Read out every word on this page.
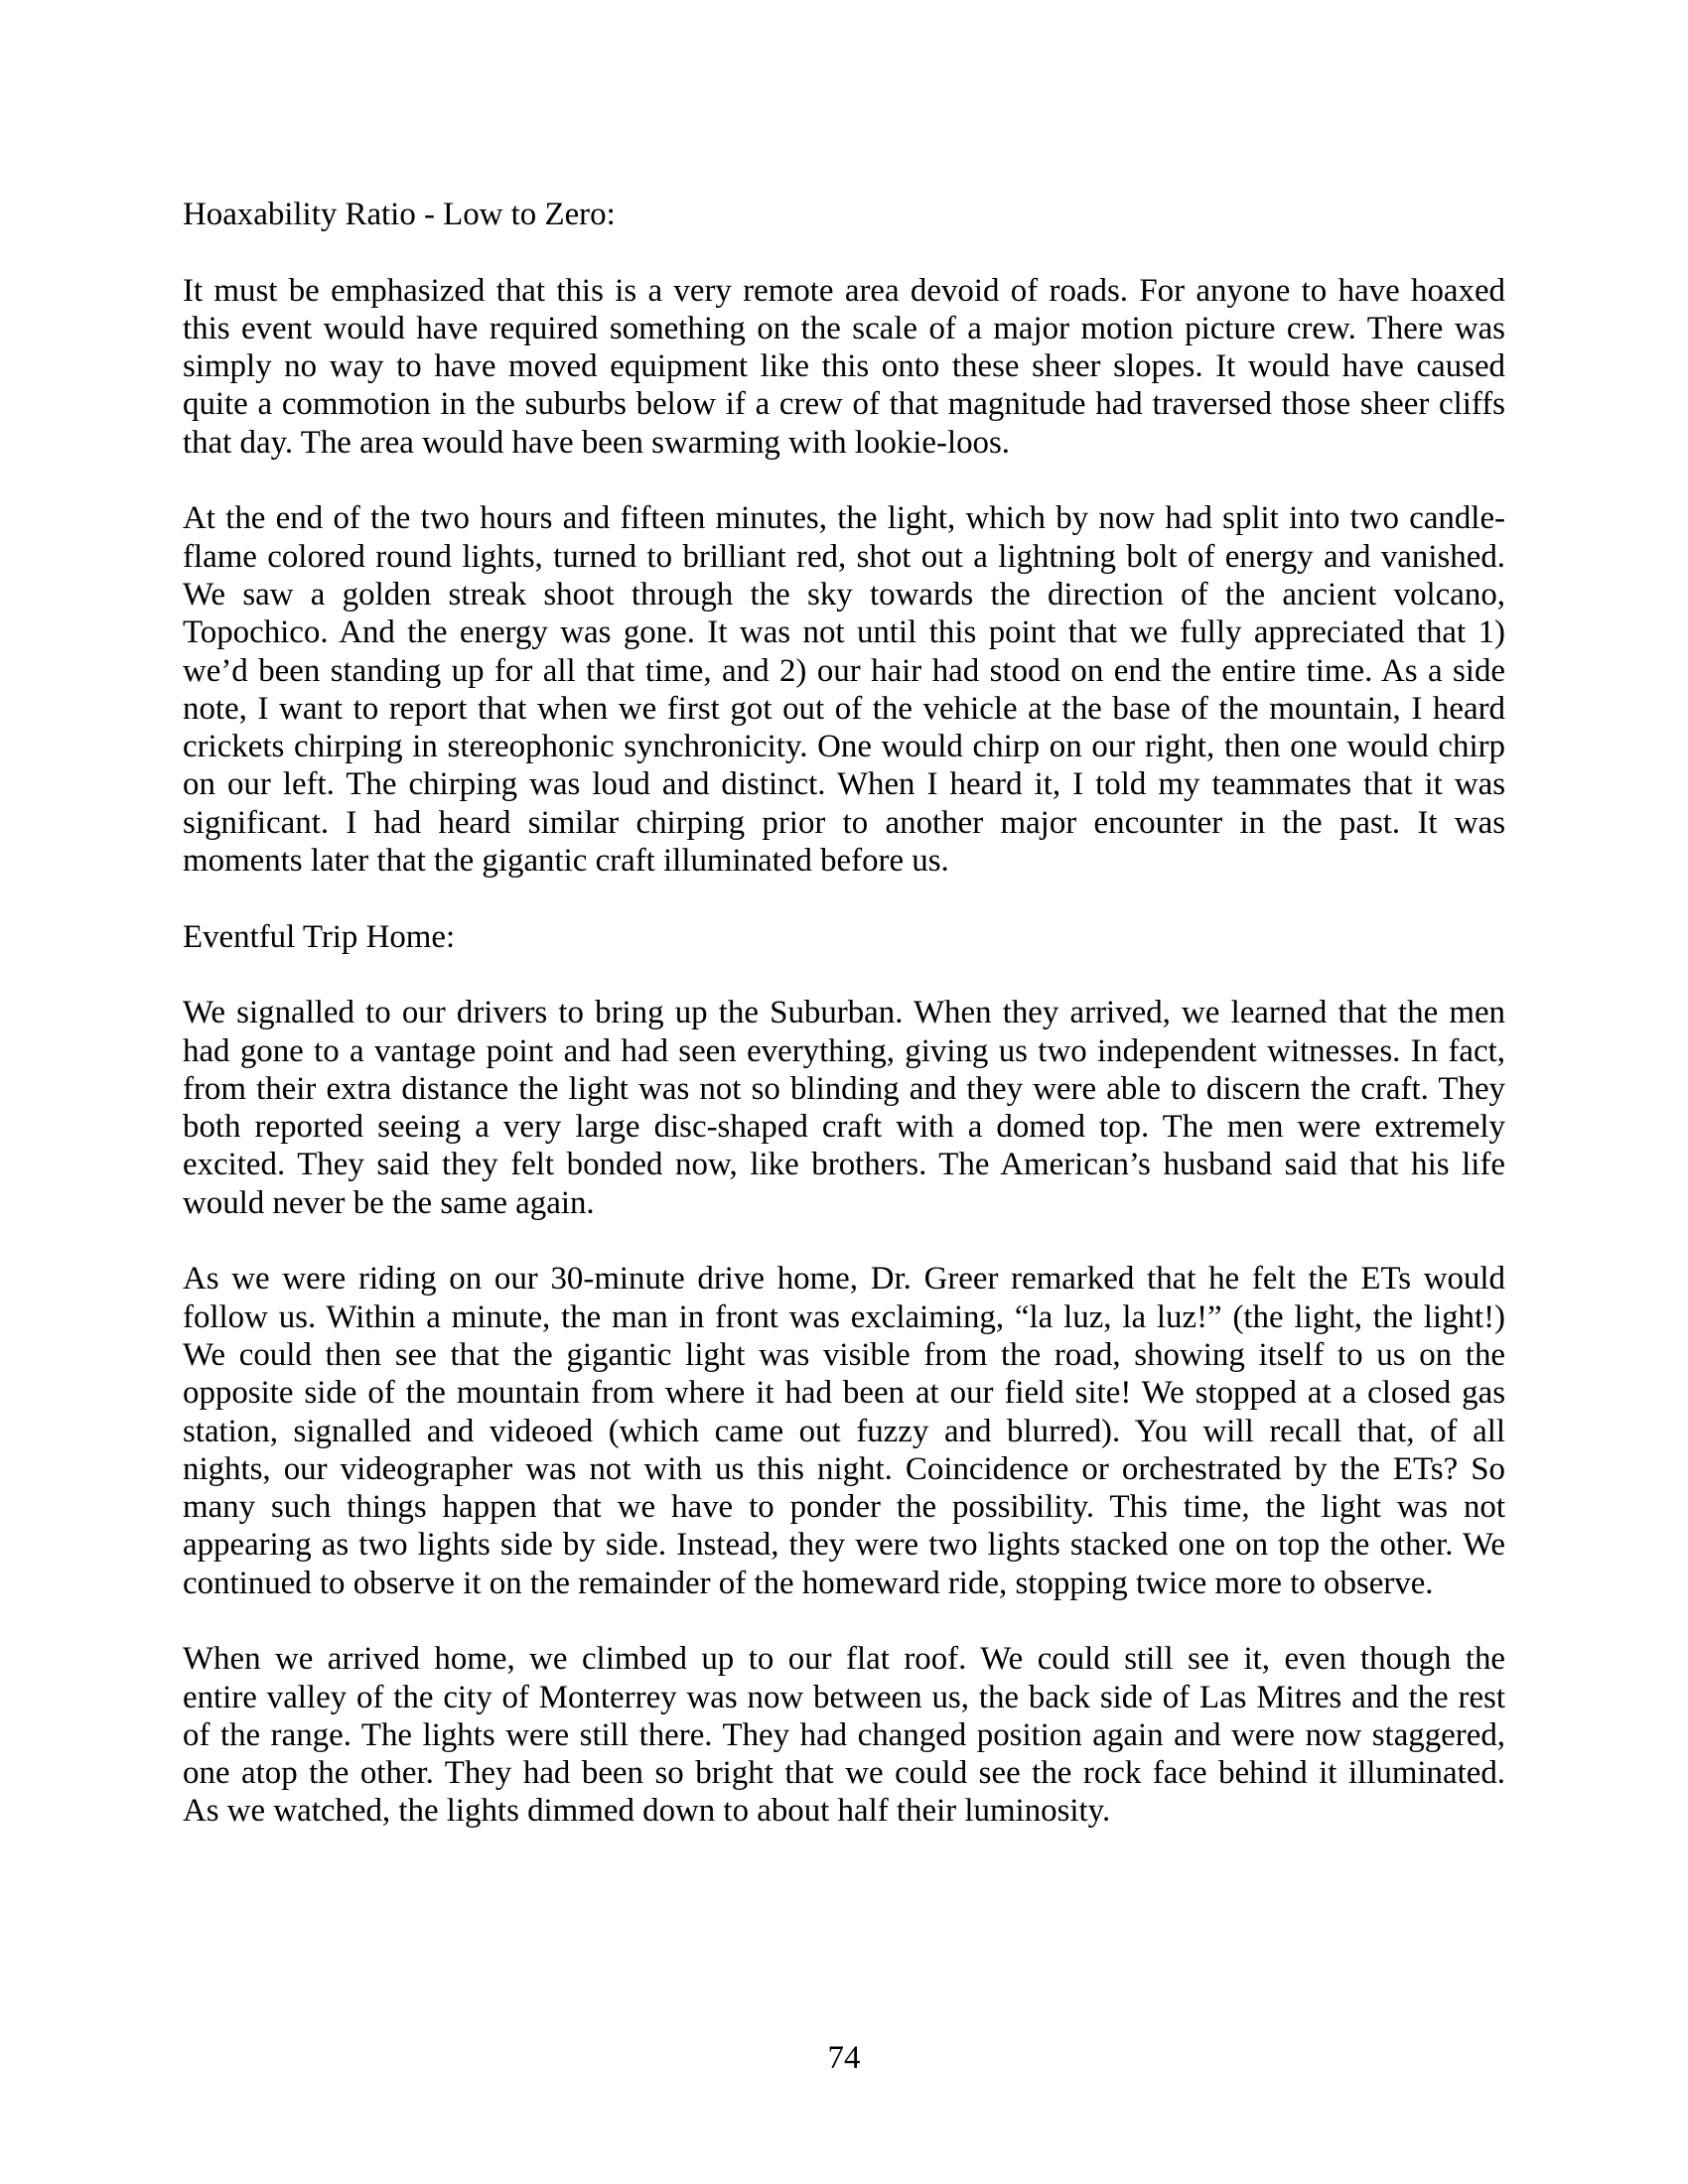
Hoaxability Ratio - Low to Zero:
It must be emphasized that this is a very remote area devoid of roads. For anyone to have hoaxed
this event would have required something on the scale of a major motion picture crew. There was
simply no way to have moved equipment like this onto these sheer slopes. It would have caused
quite a commotion in the suburbs below if a crew of that magnitude had traversed those sheer cliffs
that day. The area would have been swarming with lookie-loos.
At the end of the two hours and fifteen minutes, the light, which by now had split into two candle-
flame colored round lights, turned to brilliant red, shot out a lightning bolt of energy and vanished.
We saw a golden streak shoot through the sky towards the direction of the ancient volcano,
Topochico. And the energy was gone. It was not until this point that we fully appreciated that 1)
we’d been standing up for all that time, and 2) our hair had stood on end the entire time. As a side
note, I want to report that when we first got out of the vehicle at the base of the mountain, I heard
crickets chirping in stereophonic synchronicity. One would chirp on our right, then one would chirp
on our left. The chirping was loud and distinct. When I heard it, I told my teammates that it was
significant. I had heard similar chirping prior to another major encounter in the past. It was
moments later that the gigantic craft illuminated before us.
Eventful Trip Home:
We signalled to our drivers to bring up the Suburban. When they arrived, we learned that the men
had gone to a vantage point and had seen everything, giving us two independent witnesses. In fact,
from their extra distance the light was not so blinding and they were able to discern the craft. They
both reported seeing a very large disc-shaped craft with a domed top. The men were extremely
excited. They said they felt bonded now, like brothers. The American’s husband said that his life
would never be the same again.
As we were riding on our 30-minute drive home, Dr. Greer remarked that he felt the ETs would
follow us. Within a minute, the man in front was exclaiming, “la luz, la luz!” (the light, the light!)
We could then see that the gigantic light was visible from the road, showing itself to us on the
opposite side of the mountain from where it had been at our field site! We stopped at a closed gas
station, signalled and videoed (which came out fuzzy and blurred). You will recall that, of all
nights, our videographer was not with us this night. Coincidence or orchestrated by the ETs? So
many such things happen that we have to ponder the possibility. This time, the light was not
appearing as two lights side by side. Instead, they were two lights stacked one on top the other. We
continued to observe it on the remainder of the homeward ride, stopping twice more to observe.
When we arrived home, we climbed up to our flat roof. We could still see it, even though the
entire valley of the city of Monterrey was now between us, the back side of Las Mitres and the rest
of the range. The lights were still there. They had changed position again and were now staggered,
one atop the other. They had been so bright that we could see the rock face behind it illuminated.
As we watched, the lights dimmed down to about half their luminosity.
74
